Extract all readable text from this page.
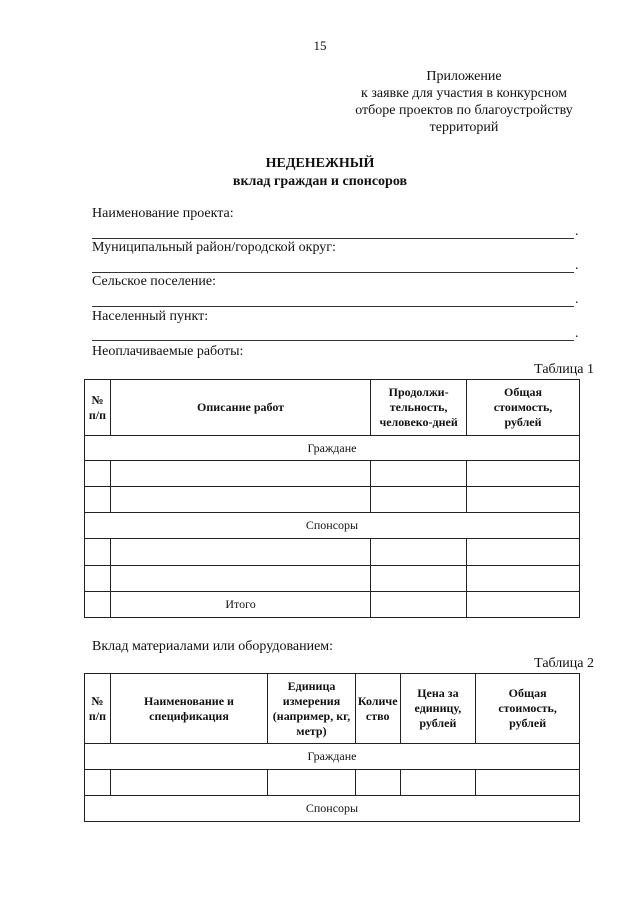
15
Приложение
к заявке для участия в конкурсном
отборе проектов по благоустройству
территорий
НЕДЕНЕЖНЫЙ
вклад граждан и спонсоров
Наименование проекта:
.
Муниципальный район/городской округ:
.
Сельское поселение:
.
Населенный пункт:
.
Неоплачиваемые работы:
Таблица 1
№ п/п	Описание работ	Продолжи-тельность, человеко-дней	Общая стоимость, рублей
Граждане			

Спонсоры			

	Итого		
Вклад материалами или оборудованием:
Таблица 2
№ п/п	Наименование и спецификация	Единица измерения (например, кг, метр)	Количе ство	Цена за единицу, рублей	Общая стоимость, рублей
Граждане					

Спонсоры					
